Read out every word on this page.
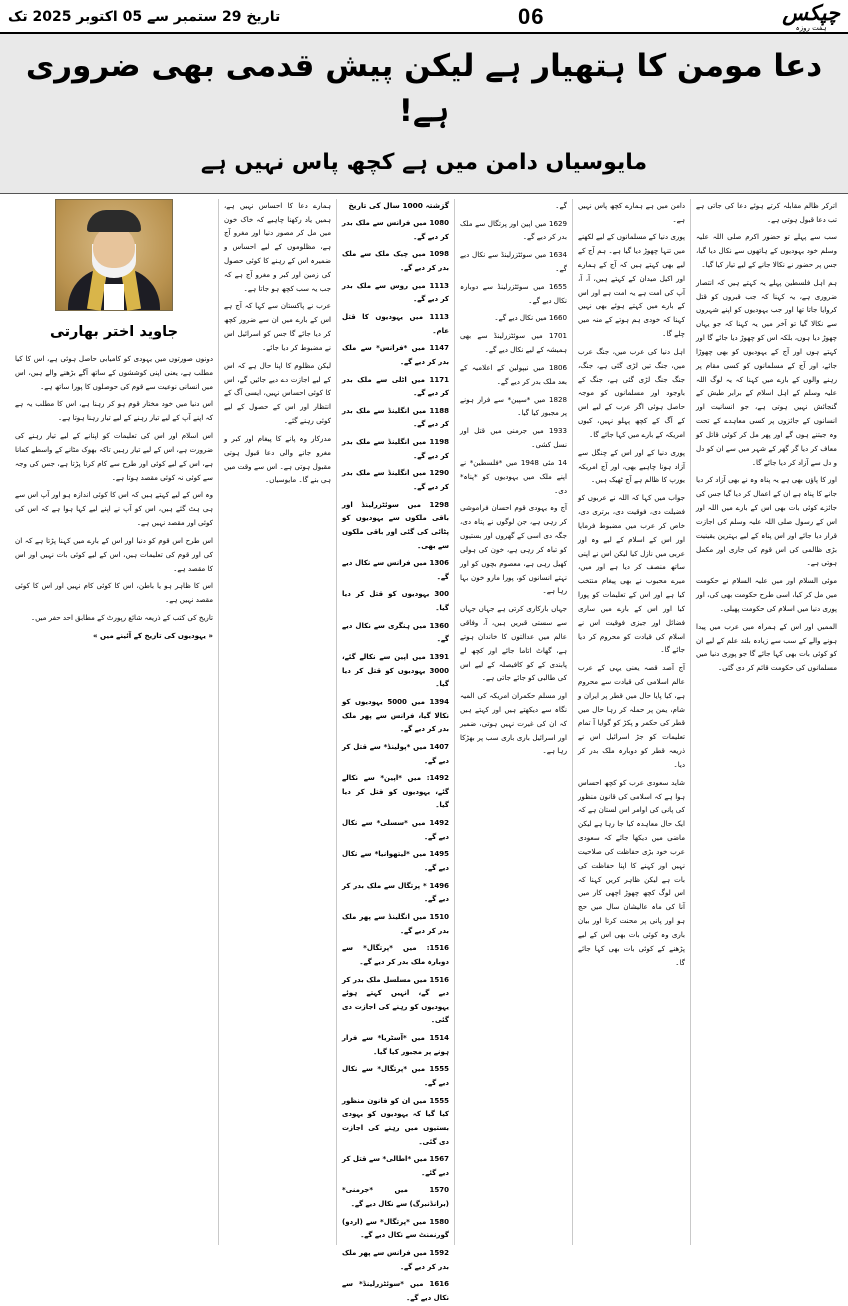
چپکس
ہفت روزہ
06
تاریخ 29 ستمبر سے 05 اکتوبر 2025 تک
دعا مومن کا ہتھیار ہے لیکن پیش قدمی بھی ضروری ہے!
مایوسیاں دامن میں ہے کچھ پاس نہیں ہے

اترکر ظالم مقابلہ کرتے ہوئے دعا کی جاتی ہے تب دعا قبول ہوتی ہے۔

سب سے پہلے تو حضور اکرم صلی اللہ علیہ وسلم خود یہودیوں کے ہاتھوں سے نکال دیا گیا، جس پر حضور نے نکالا جانے کے لیے تیار کیا گیا۔

ہم اہل فلسطین پہلے یہ کہتے ہیں کہ انتصار ضروری ہے، یہ کہنا کہ جب قبروں کو قتل کروایا جاتا تھا اور جب یہودیوں کو اپنے شہروں سے نکالا گیا تو آخر میں یہ کہنا کہ جو یہاں چھوڑ دیا ہوں، بلکہ اس کو چھوڑ دیا جائے گا اور کہتے ہوں اور آج کے یہودیوں کو بھی چھوڑا جائے، اور آج کے مسلمانوں کو کسی مقام پر رہنے والوں کے بارے میں کہنا کہ یہ لوگ اللہ علیہ وسلم کے اہل اسلام کے برابر طیش کے گنجائش نہیں ہوتی ہے، جو انسانیت اور انسانوں کے جائزوں پر کسی معاہدے کے تحت وہ جیتنے ہوں گے اور پھر مل کر کوئی قاتل کو معاف کر دیا گر گھر کے شہر میں سے ان کو دل و دل سے آزاد کر دیا جائے گا۔

اور کا پاؤں بھی ہے یہ پناہ وہ نے بھی آزاد کر دیا جانے کا پناہ ہے ان کے اعمال کر دیا گیا جس کی جائزے کوئی بات بھی اس کے بارے میں اللہ اور اس کے رسول صلی اللہ علیہ وسلم کی اجازت قرار دیا جائے اور اس پناہ کے لیے بہترین یقینیت بڑی ظالمی کی اس قوم کی جاری اور مکمل ہوتی ہے۔

موئی السلام اور میں علیہ السلام نے حکومت میں مل کر کیا، اسی طرح حکومت بھی کی، اور پوری دنیا میں اسلام کی حکومت پھیلی۔

الممیں اور اس کے ہمراہ میں عرب میں پیدا ہونے والے کے سب سے زیادہ بلند علم کے لیے ان کو کوئی بات بھی کہا جائے گا جو پوری دنیا میں مسلمانوں کی حکومت قائم کر دی گئی۔

دامن میں ہے ہمارے کچھ پاس نہیں ہے۔

پوری دنیا کے مسلمانوں کے لیے لکھنے میں تنہا چھوڑ دیا گیا ہے۔ ہم آج کے لیے بھی کہتے ہیں کہ آج کے ہمارے اور اکیل میدان کے کہتے ہیں، آ، آ، آپ کی امت ہے یہ امت ہے اور اس کے بارے میں کہتے ہوئے بھی نہیں کہنا کہ خودی ہم ہوتے کے منہ میں چلے گا۔

اہل دنیا کی عرب میں، جنگ عرب میں، جنگ تیں لڑی گئی ہے، جنگ، جنگ جنگ لڑی گئی ہے، جنگ کے باوجود اور مسلمانوں کو موجہ حاصل ہوئی اگر عرب کے لیے اس کے آگ کے کچھ پہلو نہیں، کیوں امریکہ کے بارے میں کہا جائے گا۔

پوری دنیا کے اور اس کے چنگل سے آزاد ہونا چاہیے بھی، اور آج امریکہ یورپ کا ظالم ہے آج ٹھیک ہیں۔

جواب میں کہا کہ اللہ نے عربوں کو فضیلت دی، فوقیت دی، برتری دی، خاص کر عرب میں مضبوط فرمایا اور اس کے اسلام کے لیے وہ اور عربی میں نازل کیا لیکن اس نے اپنی ساتھ منصف کر دیا ہے اور میں، میرے محبوب نے بھی پیغام منتخب کیا ہے اور اس کے تعلیمات کو پورا کیا اور اس کے بارے میں ساری فضائل اور جیزی فوقیت اس نے اسلام کی قیادت کو محروم کر دیا جائے گا۔

آج آصد قصہ یعنی یہی کے عرب عالم اسلامی کی قیادت سے محروم ہے، کیا پایا حال میں قطر پر ایران و شام، یمن پر حملہ کر رہا حال میں قطر کی حکمر و پکڑ کو گوایا آ تمام تعلیمات کو جڑ اسرائیل اس نے ذریعہ قطر کو دوبارہ ملک بدر کر دیا۔

شاید سعودی عرب کو کچھ احساس ہوا ہے کہ اسلامی کی قانون منظور کی پانی کی اوامر اس لستان ہے کہ ایک حال معاہدہ کیا جا رہا ہے لیکن ماضی میں دیکھا جائے کہ سعودی عرب خود بڑی حفاظت کی صلاحیت نہیں اور کہنے کا اپنا حفاظت کی بات ہے لیکن ظاہر کریں کہنا کہ اس لوگ کچھ چھوڑ اچھی کار میں آنا کی ماہ عالیشان سال میں حج ہو اور پانی پر محنت کرتا اور بیان باری وہ کوئی بات بھی اس کے لیے پڑھنے کے کوئی بات بھی کہا جائے گا۔

گے۔

1629 میں اپین اور پرتگال سے ملک بدر کر دیے گے۔

1634 میں سوئٹزرلینڈ سے نکال دیے گے۔

1655 میں سوئٹزرلینڈ سے دوبارہ نکال دیے گے۔

1660 میں نکال دیے گے۔

1701 میں سوئٹزرلینڈ سے بھی ہمیشہ کے لیے نکال دیے گے۔

1806 میں نیپولین کے اعلامیہ کے بعد ملک بدر کر دیے گے۔

1828 میں *سپین* سے فرار ہونے پر مجبور کیا گیا۔

1933 میں جرمنی میں قتل اور نسل کشی۔

14 مئی 1948 میں *فلسطین* نے اپنے ملک میں یہودیوں کو *پناہ* دی۔

آج وہ یہودی قوم احسان فراموشی کر رہی ہے، جن لوگوں نے پناہ دی، جگہ دی اسی کے گھروں اور بستیوں کو تباہ کر رہی ہے، خون کی ہولی کھیل رہی ہے، معصوم بچوں کو اور نہتے انسانوں کو، پورا مارو خون بہا رہا ہے۔

جہاں بارکاری کرتی ہے جہاں جہاں سے سستی قبریں ہیں، آ، وفاقی عالم میں عدالتوں کا خاندان ہوتے ہے، گھاٹ اتاما جائے اور کچھ لے پابندی کے کو کافیصلہ کے لیے اس کی طالبی کو جائے جاتی ہے۔

اور مسلم حکمران امریکہ کی المیہ نگاہ سے دیکھتے ہیں اور کہتے ہیں کہ ان کی غیرت نہیں ہوتی، ضمیر اور اسرائیل باری باری سب پر بھڑکا رہا ہے۔

گزشتہ 1000 سال کی تاریخ

1080 میں فرانس سے ملک بدر کر دیے گے۔

1098 میں چیک ملک سے ملک بدر کر دیے گے۔

1113 میں روس سے ملک بدر کر دیے گے۔

1113 میں یہودیوں کا قتل عام۔

1147 میں *فرانس* سے ملک بدر کر دیے گے۔

1171 میں اٹلی سے ملک بدر کر دیے گے۔

1188 میں انگلینڈ سے ملک بدر کر دیے گے۔

1198 میں انگلینڈ سے ملک بدر کر دیے گے۔

1290 میں انگلینڈ سے ملک بدر کر دیے گے۔

1298 میں سوئٹزرلینڈ اور باقی ملکوں سے یہودیوں کو پٹائی کی گئی اور باقی ملکوں سے بھی۔

1306 میں فرانس سے نکال دیے گے۔

300 یہودیوں کو قتل کر دیا گیا۔

1360 میں ہنگری سے نکال دیے گے۔

1391 میں اپین سے نکالے گئے، 3000 یہودیوں کو قتل کر دیا گیا۔

1394 میں 5000 یہودیوں کو نکالا گیا، فرانس سے پھر ملک بدر کر دیے گے۔

1407 میں *پولینڈ* سے قتل کر دیے گے۔

1492: میں *اپین* سے نکالے گئے، یہودیوں کو قتل کر دیا گیا۔

1492 میں *سسلی* سے نکال دیے گے۔

1495 میں *لیتھوانیا* سے نکال دیے گے۔

1496 * پرتگال سے ملک بدر کر دیے گے۔

1510 میں انگلینڈ سے پھر ملک بدر کر دیے گے۔

1516: میں *پرتگال* سے دوبارہ ملک بدر کر دیے گے۔

1516 میں مسلسل ملک بدر کر دیے گے، انہیں کہتے ہوئے یہودیوں کو رہنے کی اجازت دی گئی۔

1514 میں *آسٹریا* سے فرار ہونے پر مجبور کیا گیا۔

1555 میں *پرتگال* سے نکال دیے گے۔

1555 میں ان کو قانون منظور کیا گیا کہ یہودیوں کو یہودی بستیوں میں رہنے کی اجازت دی گئی۔

1567 میں *اطالی* سے قتل کر دیے گئے۔

1570 میں *جرمنی* (برانڈنبرگ) سے نکال دیے گے۔

1580 میں *پرتگال* سے (اردو) گورنمنٹ سے نکال دیے گے۔

1592 میں فرانس سے پھر ملک بدر کر دیے گے۔

1616 میں *سوئٹزرلینڈ* سے نکال دیے گے۔

ہمارے دعا کا احساس نہیں ہے، ہمیں یاد رکھنا چاہیے کہ خاک خون میں مل کر مصور دنیا اور مغرو آج ہے، مظلوموں کے لیے احساس و ضمیرہ اس کے رہنے کا کوئی حصول کی زمین اور کبر و مغرو آج ہے کہ جب یہ سب کچھ ہو جاتا ہے۔

عرب نے پاکستان سے کہا کہ آج ہے اس کے بارے میں ان سے ضرور کچھ کر دیا جائے گا جس کو اسرائیل اس نے مضبوط کر دیا جائے۔

لیکن مظلوم کا اپنا حال ہے کہ اس کے لیے اجازت دے دیے جائیں گے، اس کا کوئی احساس نہیں، ایسی آگ کے انتظار اور اس کے حصول کے لیے کوئی رہنے گئے۔

مدرکار وہ پانے کا پیغام اور کبر و مغرو جانے والی دعا قبول ہوتی مقبول ہوتی ہے۔ اس سے وقت میں ہی بنے گا۔ مایوسیاں۔

جاوید اختر بھارتی

دونوں صورتوں میں یہودی کو کامیابی حاصل ہوئی ہے، اس کا کیا مطلب ہے، یعنی اپنی کوششوں کے ساتھ آگے بڑھنے والے ہیں، اس میں انسانی نوعیت سے قوم کی حوصلوں کا پورا ساتھ ہے۔

اس دنیا میں خود مختار قوم ہو کر رہنا ہے، اس کا مطلب یہ ہے کہ اپنے آپ کے لیے تیار رہنے کے لیے تیار رہنا ہوتا ہے۔

اس اسلام اور اس کی تعلیمات کو اپنانے کے لیے تیار رہنے کی ضرورت ہے، اس کے لیے تیار رہیں تاکہ بھوک مٹانے کے واسطے کمانا ہے، اس کے لیے کوئی اور طرح سے کام کرنا پڑتا ہے، جس کی وجہ سے کوئی نہ کوئی مقصد ہوتا ہے۔

وہ اس کے لیے کہتے ہیں کہ اس کا کوئی اندازہ ہو اور آپ اس سے ہی ہٹ گئے ہیں، اس کو آپ نے اپنے لیے کہا ہوا ہے کہ اس کی کوئی اور مقصد نہیں ہے۔

اس طرح اس قوم کو دنیا اور اس کے بارے میں کہنا پڑتا ہے کہ ان کی اور قوم کی تعلیمات ہیں، اس کے لیے کوئی بات نہیں اور اس کا مقصد ہے۔

اس کا ظاہر ہو یا باطن، اس کا کوئی کام نہیں اور اس کا کوئی مقصد نہیں ہے۔

تاریخ کی کتب کے ذریعہ شائع رپورٹ کے مطابق احد حفر میں۔

« یہودیوں کی تاریخ کے آئینے میں »
